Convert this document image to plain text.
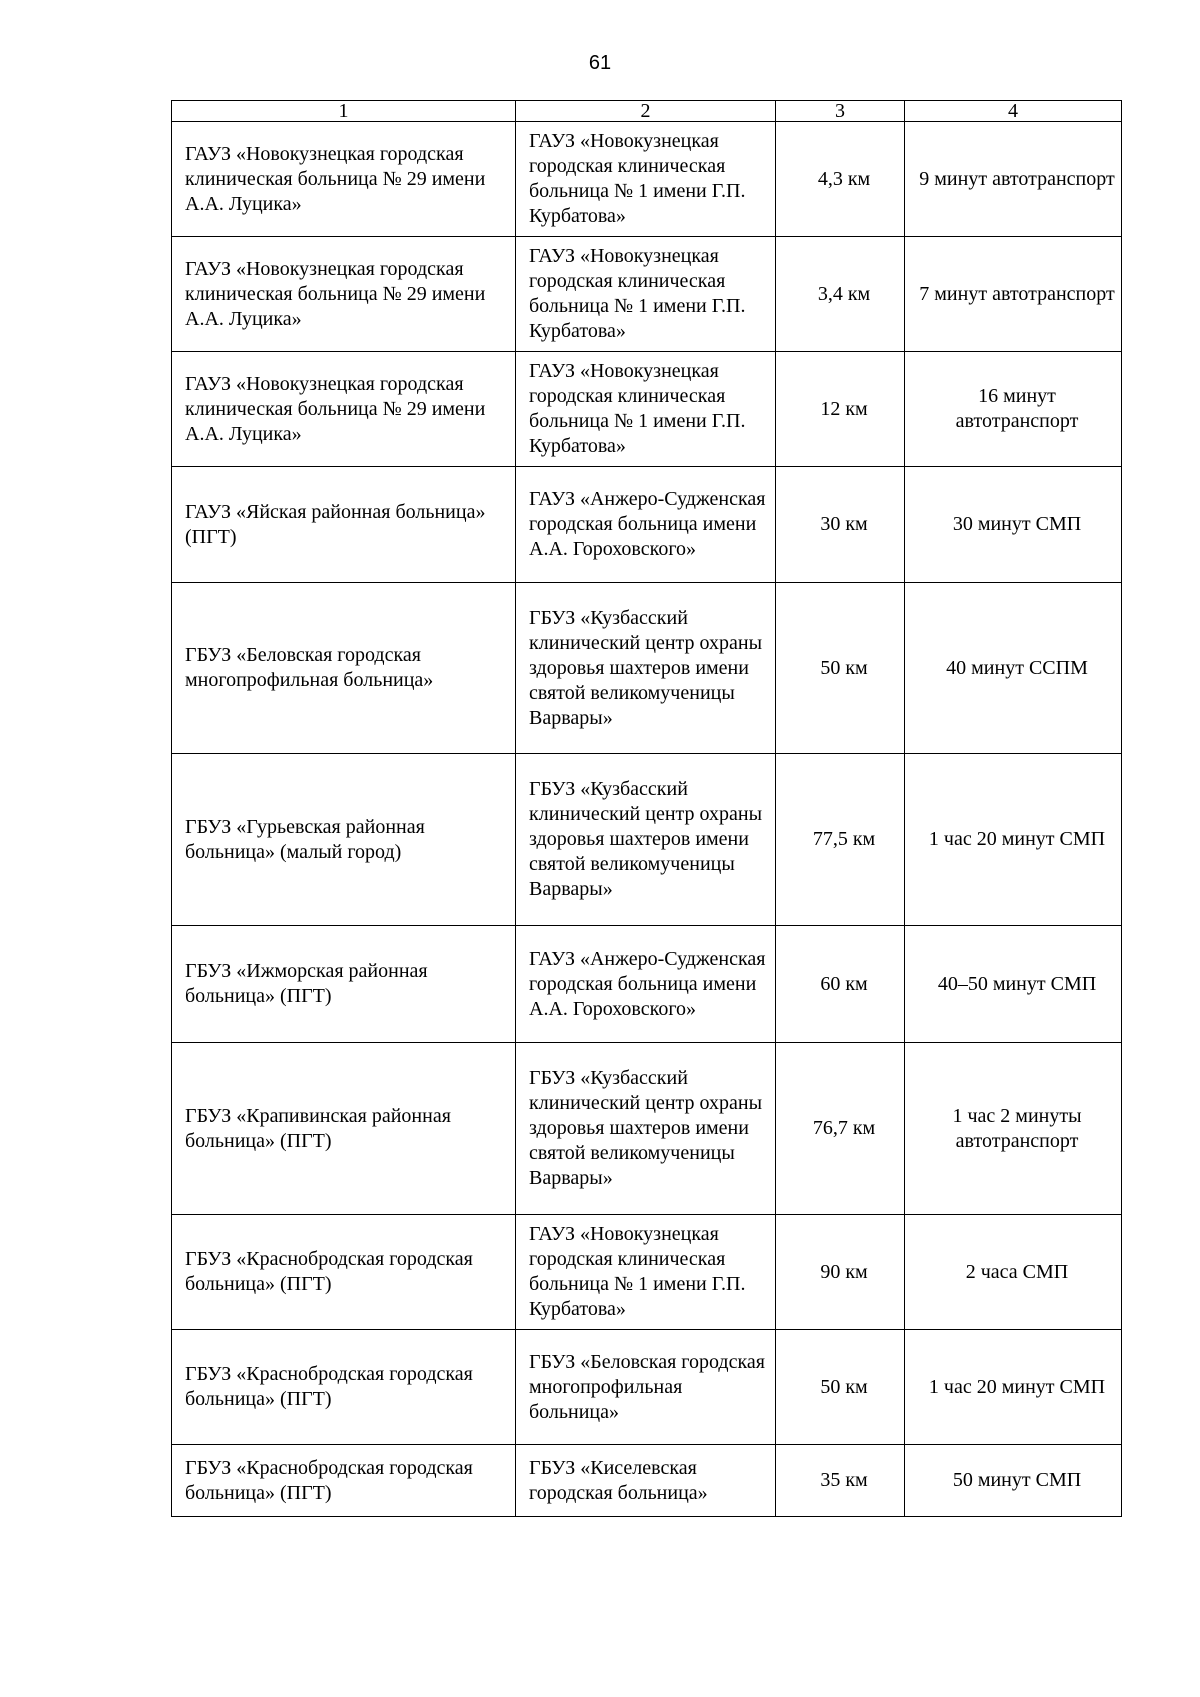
61
1	2	3	4
ГАУЗ «Новокузнецкая городская клиническая больница № 29 имени А.А. Луцика»	ГАУЗ «Новокузнецкая городская клиническая больница № 1 имени Г.П. Курбатова»	4,3 км	9 минут автотранспорт
ГАУЗ «Новокузнецкая городская клиническая больница № 29 имени А.А. Луцика»	ГАУЗ «Новокузнецкая городская клиническая больница № 1 имени Г.П. Курбатова»	3,4 км	7 минут автотранспорт
ГАУЗ «Новокузнецкая городская клиническая больница № 29 имени А.А. Луцика»	ГАУЗ «Новокузнецкая городская клиническая больница № 1 имени Г.П. Курбатова»	12 км	16 минут автотранспорт
ГАУЗ «Яйская районная больница» (ПГТ)	ГАУЗ «Анжеро-Судженская городская больница имени А.А. Гороховского»	30 км	30 минут СМП
ГБУЗ «Беловская городская многопрофильная больница»	ГБУЗ «Кузбасский клинический центр охраны здоровья шахтеров имени святой великомученицы Варвары»	50 км	40 минут ССПМ
ГБУЗ «Гурьевская районная больница» (малый город)	ГБУЗ «Кузбасский клинический центр охраны здоровья шахтеров имени святой великомученицы Варвары»	77,5 км	1 час 20 минут СМП
ГБУЗ «Ижморская районная больница» (ПГТ)	ГАУЗ «Анжеро-Судженская городская больница имени А.А. Гороховского»	60 км	40–50 минут СМП
ГБУЗ «Крапивинская районная больница» (ПГТ)	ГБУЗ «Кузбасский клинический центр охраны здоровья шахтеров имени святой великомученицы Варвары»	76,7 км	1 час 2 минуты автотранспорт
ГБУЗ «Краснобродская городская больница» (ПГТ)	ГАУЗ «Новокузнецкая городская клиническая больница № 1 имени Г.П. Курбатова»	90 км	2 часа СМП
ГБУЗ «Краснобродская городская больница» (ПГТ)	ГБУЗ «Беловская городская многопрофильная больница»	50 км	1 час 20 минут СМП
ГБУЗ «Краснобродская городская больница» (ПГТ)	ГБУЗ «Киселевская городская больница»	35 км	50 минут СМП
